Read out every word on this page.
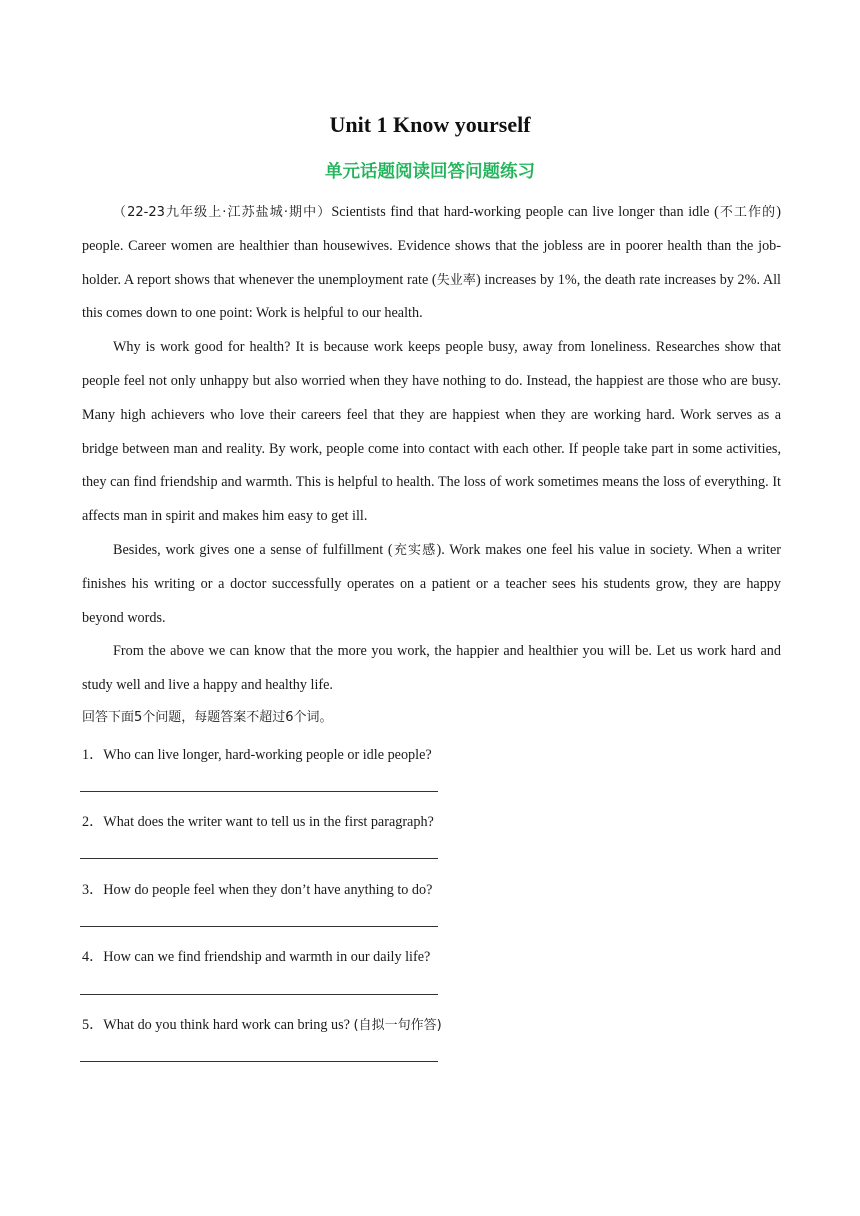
Unit 1 Know yourself
单元话题阅读回答问题练习

（22-23九年级上·江苏盐城·期中）Scientists find that hard-working people can live longer than idle (不工作的) people. Career women are healthier than housewives. Evidence shows that the jobless are in poorer health than the job-holder. A report shows that whenever the unemployment rate (失业率) increases by 1%, the death rate increases by 2%. All this comes down to one point: Work is helpful to our health.

Why is work good for health? It is because work keeps people busy, away from loneliness. Researches show that people feel not only unhappy but also worried when they have nothing to do. Instead, the happiest are those who are busy. Many high achievers who love their careers feel that they are happiest when they are working hard. Work serves as a bridge between man and reality. By work, people come into contact with each other. If people take part in some activities, they can find friendship and warmth. This is helpful to health. The loss of work sometimes means the loss of everything. It affects man in spirit and makes him easy to get ill.

Besides, work gives one a sense of fulfillment (充实感). Work makes one feel his value in society. When a writer finishes his writing or a doctor successfully operates on a patient or a teacher sees his students grow, they are happy beyond words.

From the above we can know that the more you work, the happier and healthier you will be. Let us work hard and study well and live a happy and healthy life.

回答下面5个问题，每题答案不超过6个词。

1．Who can live longer, hard-working people or idle people?

2．What does the writer want to tell us in the first paragraph?

3．How do people feel when they don’t have anything to do?

4．How can we find friendship and warmth in our daily life?

5．What do you think hard work can bring us? (自拟一句作答)
